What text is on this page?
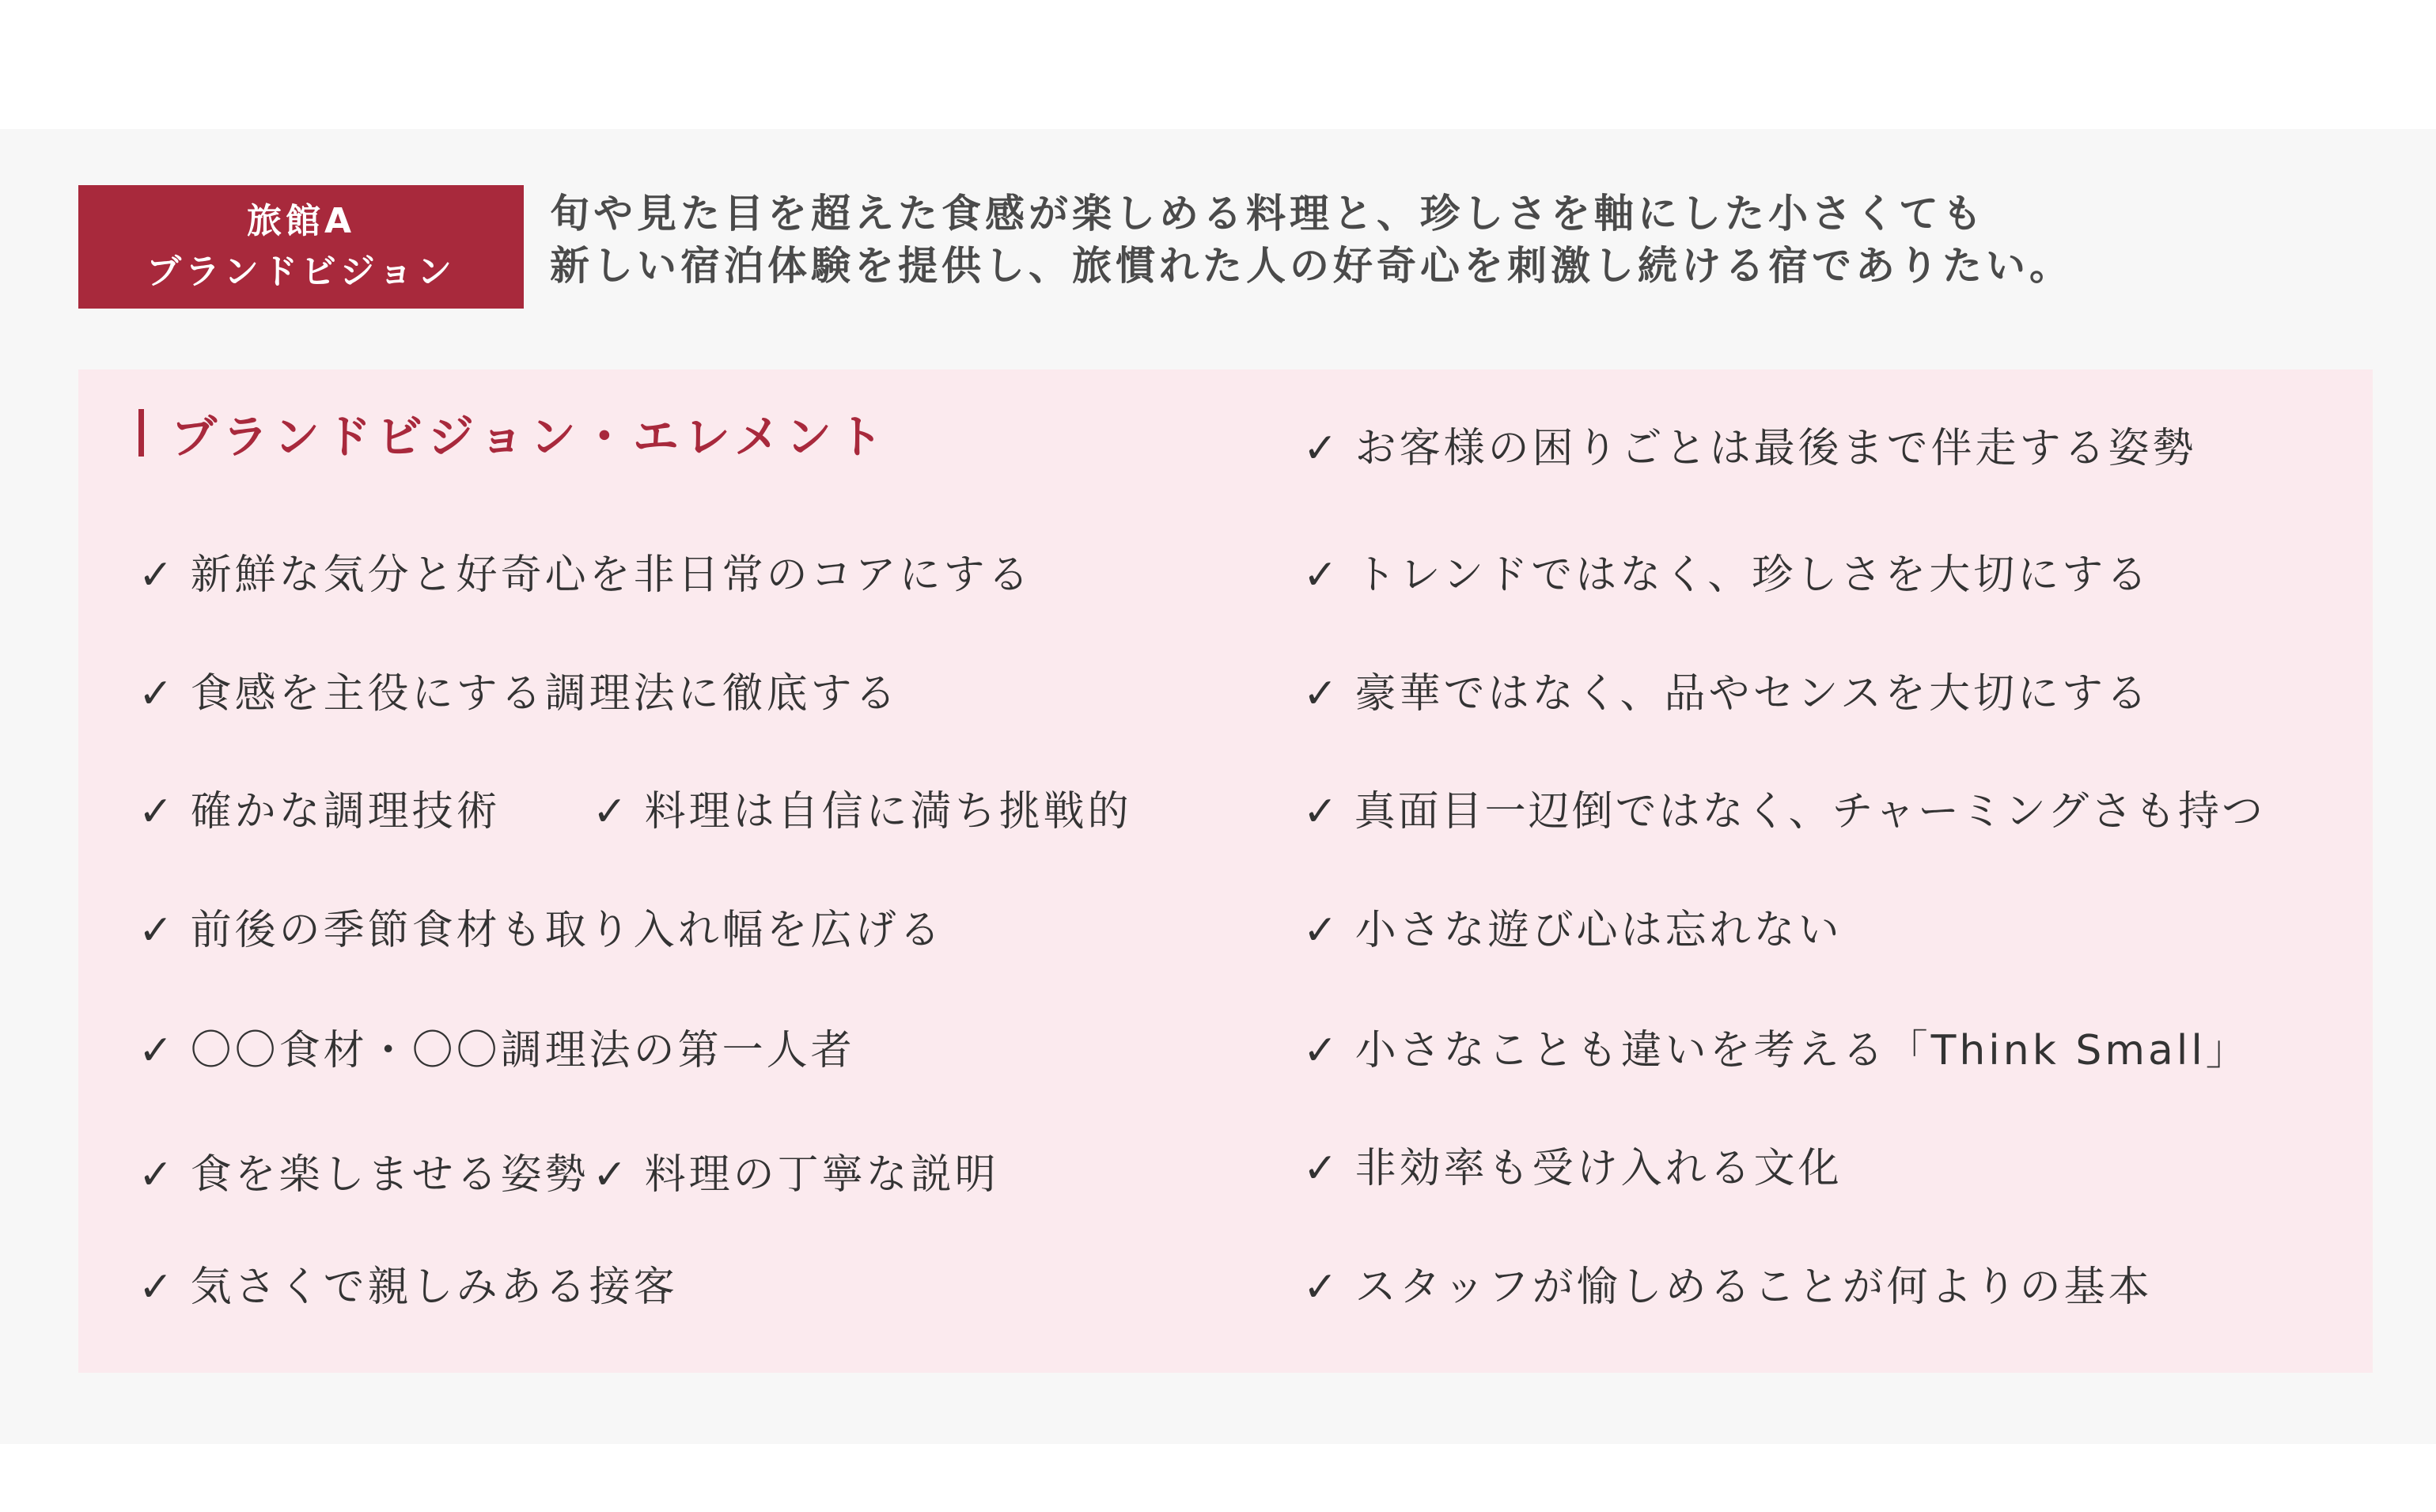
旅館A
ブランドビジョン
旬や見た目を超えた食感が楽しめる料理と、珍しさを軸にした小さくても
新しい宿泊体験を提供し、旅慣れた人の好奇心を刺激し続ける宿でありたい。
ブランドビジョン・エレメント
✓ 新鮮な気分と好奇心を非日常のコアにする
✓ 食感を主役にする調理法に徹底する
✓ 確かな調理技術 ✓ 料理は自信に満ち挑戦的
✓ 前後の季節食材も取り入れ幅を広げる
✓ 〇〇食材・〇〇調理法の第一人者
✓ 食を楽しませる姿勢 ✓ 料理の丁寧な説明
✓ 気さくで親しみある接客
✓ お客様の困りごとは最後まで伴走する姿勢
✓ トレンドではなく、珍しさを大切にする
✓ 豪華ではなく、品やセンスを大切にする
✓ 真面目一辺倒ではなく、チャーミングさも持つ
✓ 小さな遊び心は忘れない
✓ 小さなことも違いを考える「Think Small」
✓ 非効率も受け入れる文化
✓ スタッフが愉しめることが何よりの基本
